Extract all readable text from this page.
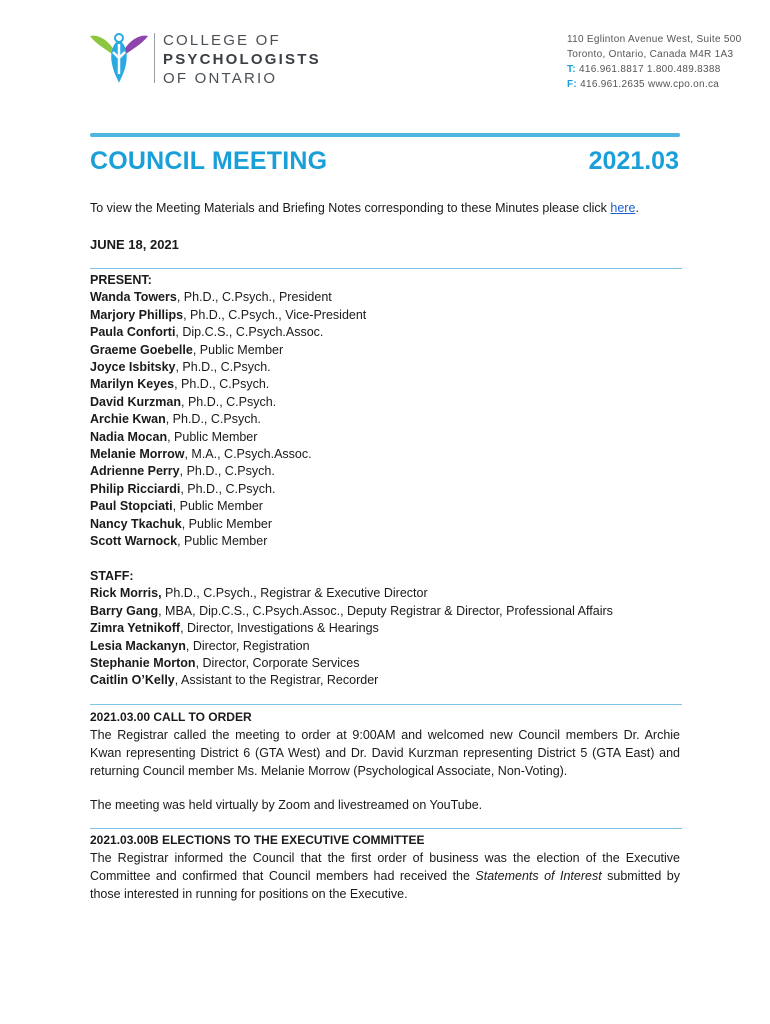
COLLEGE OF
PSYCHOLOGISTS
OF ONTARIO
110 Eglinton Avenue West, Suite 500
Toronto, Ontario, Canada M4R 1A3
T: 416.961.8817 1.800.489.8388
F: 416.961.2635 www.cpo.on.ca
COUNCIL MEETING	2021.03
To view the Meeting Materials and Briefing Notes corresponding to these Minutes please click here.
JUNE 18, 2021
PRESENT:
Wanda Towers, Ph.D., C.Psych., President
Marjory Phillips, Ph.D., C.Psych., Vice-President
Paula Conforti, Dip.C.S., C.Psych.Assoc.
Graeme Goebelle, Public Member
Joyce Isbitsky, Ph.D., C.Psych.
Marilyn Keyes, Ph.D., C.Psych.
David Kurzman, Ph.D., C.Psych.
Archie Kwan, Ph.D., C.Psych.
Nadia Mocan, Public Member
Melanie Morrow, M.A., C.Psych.Assoc.
Adrienne Perry, Ph.D., C.Psych.
Philip Ricciardi, Ph.D., C.Psych.
Paul Stopciati, Public Member
Nancy Tkachuk, Public Member
Scott Warnock, Public Member
STAFF:
Rick Morris, Ph.D., C.Psych., Registrar & Executive Director
Barry Gang, MBA, Dip.C.S., C.Psych.Assoc., Deputy Registrar & Director, Professional Affairs
Zimra Yetnikoff, Director, Investigations & Hearings
Lesia Mackanyn, Director, Registration
Stephanie Morton, Director, Corporate Services
Caitlin O’Kelly, Assistant to the Registrar, Recorder
2021.03.00 CALL TO ORDER
The Registrar called the meeting to order at 9:00AM and welcomed new Council members Dr. Archie Kwan representing District 6 (GTA West) and Dr. David Kurzman representing District 5 (GTA East) and returning Council member Ms. Melanie Morrow (Psychological Associate, Non-Voting).
The meeting was held virtually by Zoom and livestreamed on YouTube.
2021.03.00B ELECTIONS TO THE EXECUTIVE COMMITTEE
The Registrar informed the Council that the first order of business was the election of the Executive Committee and confirmed that Council members had received the Statements of Interest submitted by those interested in running for positions on the Executive.
